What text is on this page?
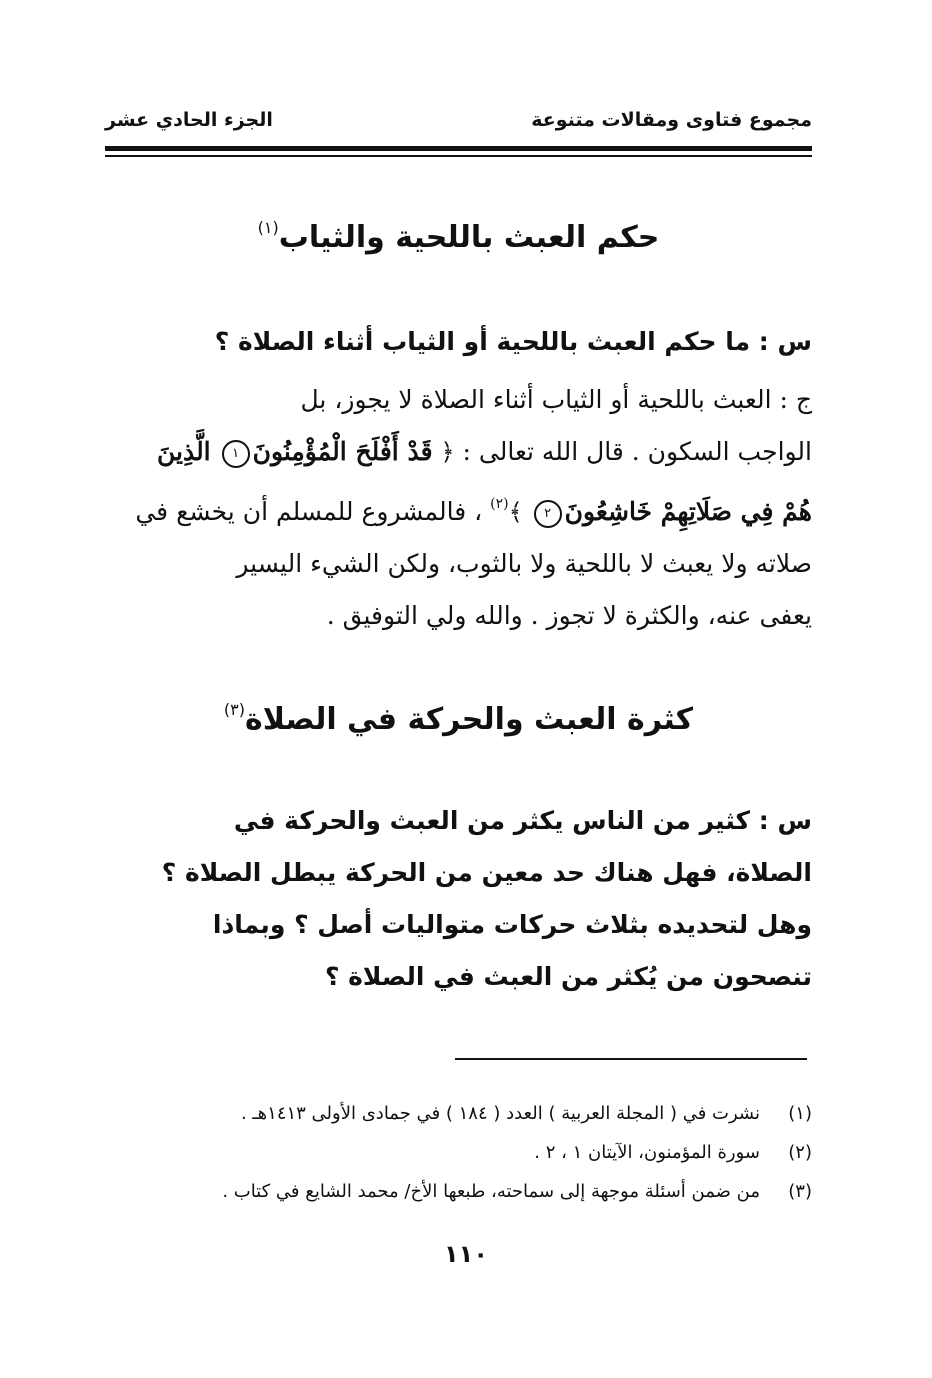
مجموع فتاوى ومقالات متنوعة
الجزء الحادي عشر
حكم العبث باللحية والثياب$^{(١)}$
س : ما حكم العبث باللحية أو الثياب أثناء الصلاة ؟
ج : العبث باللحية أو الثياب أثناء الصلاة لا يجوز، بل
الواجب السكون . قال الله تعالى : ﴿ قَدْ أَفْلَحَ الْمُؤْمِنُونَ١ الَّذِينَ
هُمْ فِي صَلَاتِهِمْ خَاشِعُونَ٢ ﴾$^{(٢)}$ ، فالمشروع للمسلم أن يخشع في
صلاته ولا يعبث لا باللحية ولا بالثوب، ولكن الشيء اليسير
يعفى عنه، والكثرة لا تجوز . والله ولي التوفيق .
كثرة العبث والحركة في الصلاة$^{(٣)}$
س : كثير من الناس يكثر من العبث والحركة في
الصلاة، فهل هناك حد معين من الحركة يبطل الصلاة ؟
وهل لتحديده بثلاث حركات متواليات أصل ؟ وبماذا
تنصحون من يُكثر من العبث في الصلاة ؟
(١)
نشرت في ( المجلة العربية ) العدد ( ١٨٤ ) في جمادى الأولى ١٤١٣هـ .
(٢)
سورة المؤمنون، الآيتان ١ ، ٢ .
(٣)
من ضمن أسئلة موجهة إلى سماحته، طبعها الأخ/ محمد الشايع في كتاب .
١١٠
